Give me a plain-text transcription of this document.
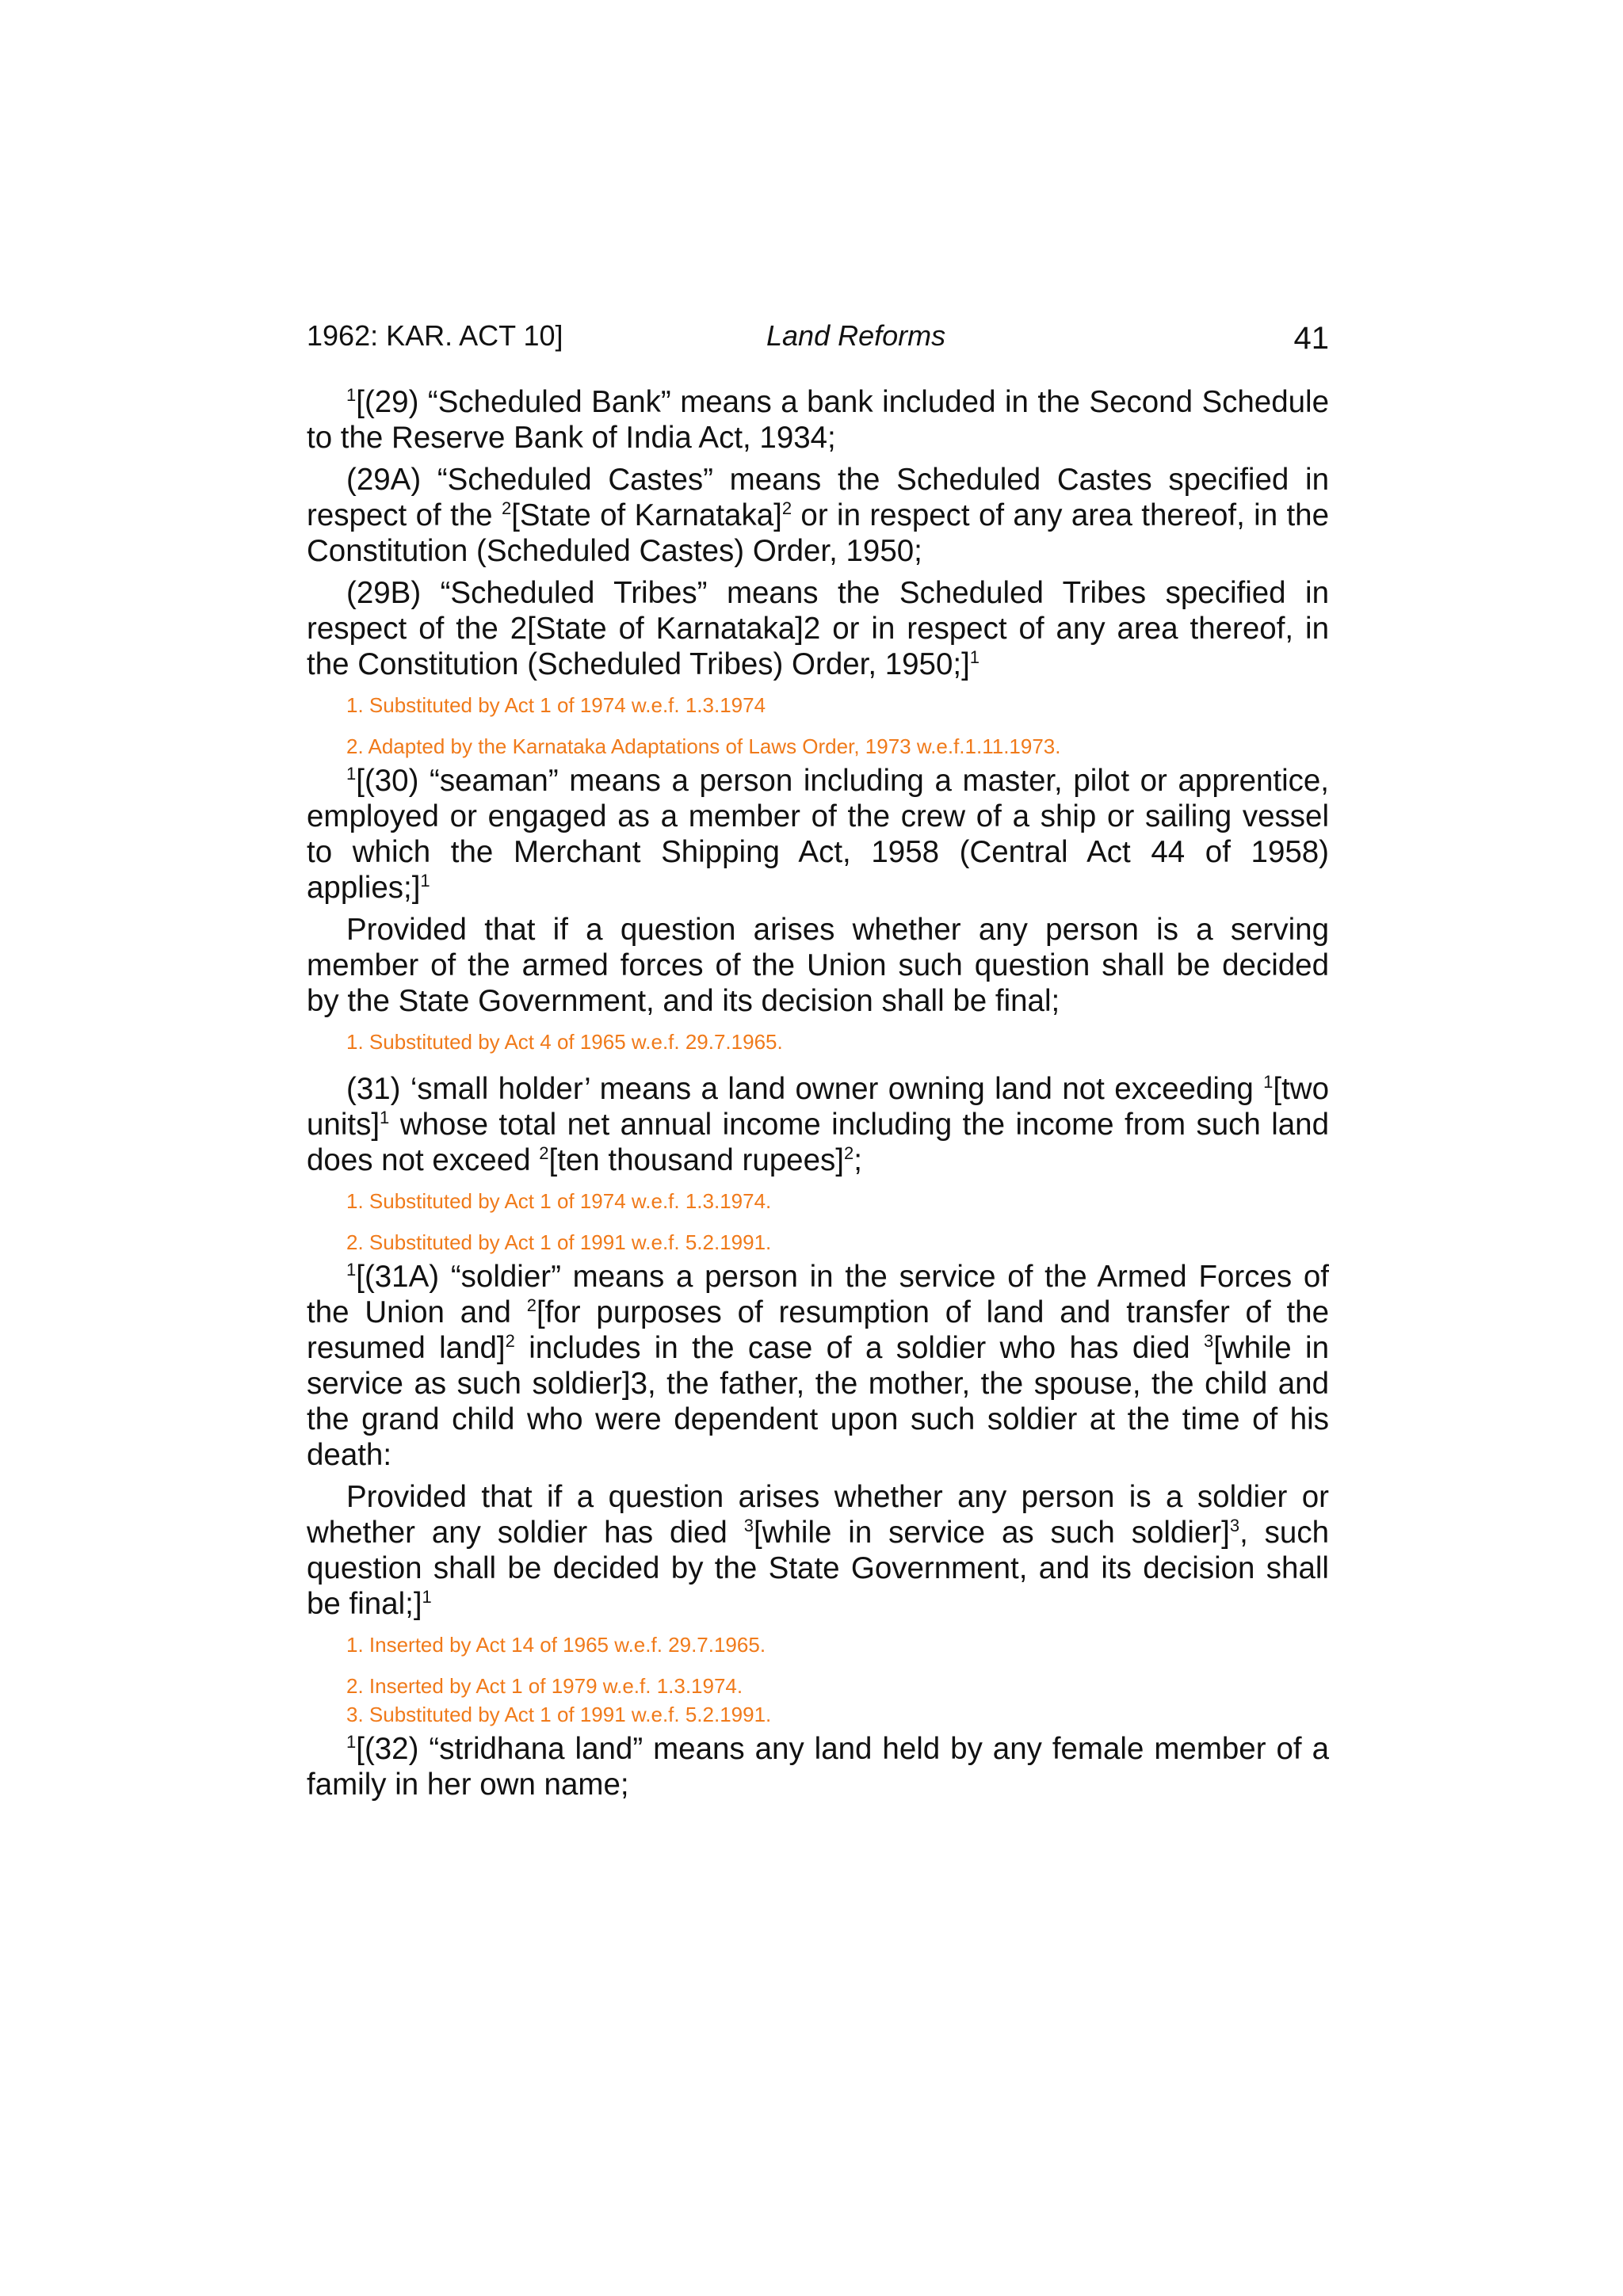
1962: KAR. ACT 10]	Land Reforms	41

$^1$[(29) “Scheduled Bank” means a bank included in the Second Schedule to the Reserve Bank of India Act, 1934;

(29A) “Scheduled Castes” means the Scheduled Castes specified in respect of the $^2$[State of Karnataka]$^2$ or in respect of any area thereof, in the Constitution (Scheduled Castes) Order, 1950;

(29B) “Scheduled Tribes” means the Scheduled Tribes specified in respect of the 2[State of Karnataka]2 or in respect of any area thereof, in the Constitution (Scheduled Tribes) Order, 1950;]$^1$

1. Substituted by Act 1 of 1974 w.e.f. 1.3.1974
2. Adapted by the Karnataka Adaptations of Laws Order, 1973 w.e.f.1.11.1973.

$^1$[(30) “seaman” means a person including a master, pilot or apprentice, employed or engaged as a member of the crew of a ship or sailing vessel to which the Merchant Shipping Act, 1958 (Central Act 44 of 1958) applies;]$^1$

Provided that if a question arises whether any person is a serving member of the armed forces of the Union such question shall be decided by the State Government, and its decision shall be final;

1. Substituted by Act 4 of 1965 w.e.f. 29.7.1965.

(31) ‘small holder’ means a land owner owning land not exceeding $^1$[two units]$^1$ whose total net annual income including the income from such land does not exceed $^2$[ten thousand rupees]$^2$;

1. Substituted by Act 1 of 1974 w.e.f. 1.3.1974.
2. Substituted by Act 1 of 1991 w.e.f. 5.2.1991.

$^1$[(31A) “soldier” means a person in the service of the Armed Forces of the Union and $^2$[for purposes of resumption of land and transfer of the resumed land]$^2$ includes in the case of a soldier who has died $^3$[while in service as such soldier]3, the father, the mother, the spouse, the child and the grand child who were dependent upon such soldier at the time of his death:

Provided that if a question arises whether any person is a soldier or whether any soldier has died $^3$[while in service as such soldier]$^3$, such question shall be decided by the State Government, and its decision shall be final;]$^1$

1. Inserted by Act 14 of 1965 w.e.f. 29.7.1965.
2. Inserted by Act 1 of 1979 w.e.f. 1.3.1974.
3. Substituted by Act 1 of 1991 w.e.f. 5.2.1991.

$^1$[(32) “stridhana land” means any land held by any female member of a family in her own name;
